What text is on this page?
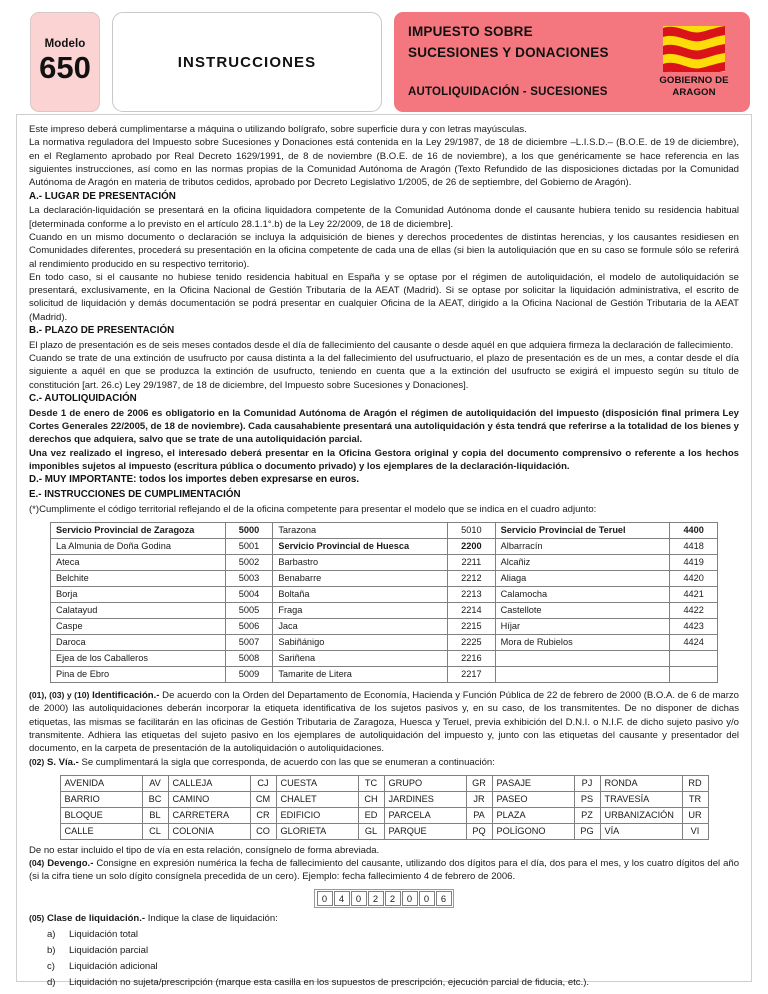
Modelo
650	INSTRUCCIONES
IMPUESTO SOBRE
SUCESIONES Y DONACIONES
AUTOLIQUIDACIÓN - SUCESIONES
GOBIERNO DE
ARAGON

Este impreso deberá cumplimentarse a máquina o utilizando bolígrafo, sobre superficie dura y con letras mayúsculas.

La normativa reguladora del Impuesto sobre Sucesiones y Donaciones está contenida en la Ley 29/1987, de 18 de diciembre –L.I.S.D.– (B.O.E. de 19 de diciembre), en el Reglamento aprobado por Real Decreto 1629/1991, de 8 de noviembre (B.O.E. de 16 de noviembre), a los que genéricamente se hace referencia en las siguientes instrucciones, así como en las normas propias de la Comunidad Autónoma de Aragón (Texto Refundido de las disposiciones dictadas por la Comunidad Autónoma de Aragón en materia de tributos cedidos, aprobado por Decreto Legislativo 1/2005, de 26 de septiembre, del Gobierno de Aragón).

A.- LUGAR DE PRESENTACIÓN

La declaración-liquidación se presentará en la oficina liquidadora competente de la Comunidad Autónoma donde el causante hubiera tenido su residencia habitual [determinada conforme a lo previsto en el artículo 28.1.1°.b) de la Ley 22/2009, de 18 de diciembre].

Cuando en un mismo documento o declaración se incluya la adquisición de bienes y derechos procedentes de distintas herencias, y los causantes residiesen en Comunidades diferentes, procederá su presentación en la oficina competente de cada una de ellas (si bien la autoliquiación que en su caso se formule sólo se referirá al rendimiento producido en su respectivo territorio).

En todo caso, si el causante no hubiese tenido residencia habitual en España y se optase por el régimen de autoliquidación, el modelo de autoliquidación se presentará, exclusivamente, en la Oficina Nacional de Gestión Tributaria de la AEAT (Madrid). Si se optase por solicitar la liquidación administrativa, el escrito de solicitud de liquidación y demás documentación se podrá presentar en cualquier Oficina de la AEAT, dirigido a la Oficina Nacional de Gestión Tributaria de la AEAT (Madrid).

B.- PLAZO DE PRESENTACIÓN

El plazo de presentación es de seis meses contados desde el día de fallecimiento del causante o desde aquél en que adquiera firmeza la declaración de fallecimiento.

Cuando se trate de una extinción de usufructo por causa distinta a la del fallecimiento del usufructuario, el plazo de presentación es de un mes, a contar desde el día siguiente a aquél en que se produzca la extinción de usufructo, teniendo en cuenta que a la extinción del usufructo se exigirá el impuesto según su título de constitución [art. 26.c) Ley 29/1987, de 18 de diciembre, del Impuesto sobre Sucesiones y Donaciones].

C.- AUTOLIQUIDACIÓN

Desde 1 de enero de 2006 es obligatorio en la Comunidad Autónoma de Aragón el régimen de autoliquidación del impuesto (disposición final primera Ley Cortes Generales 22/2005, de 18 de noviembre). Cada causahabiente presentará una autoliquidación y ésta tendrá que referirse a la totalidad de los bienes y derechos que adquiera, salvo que se trate de una autoliquidación parcial.

Una vez realizado el ingreso, el interesado deberá presentar en la Oficina Gestora original y copia del documento comprensivo o referente a los hechos imponibles sujetos al impuesto (escritura pública o documento privado) y los ejemplares de la declaración-liquidación.

D.- MUY IMPORTANTE: todos los importes deben expresarse en euros.

E.- INSTRUCCIONES DE CUMPLIMENTACIÓN

(*)Cumplimente el código territorial reflejando el de la oficina competente para presentar el modelo que se indica en el cuadro adjunto:

Servicio Provincial de Zaragoza	5000	Tarazona	5010	Servicio Provincial de Teruel	4400
La Almunia de Doña Godina	5001	Servicio Provincial de Huesca	2200	Albarracín	4418
Ateca	5002	Barbastro	2211	Alcañiz	4419
Belchite	5003	Benabarre	2212	Aliaga	4420
Borja	5004	Boltaña	2213	Calamocha	4421
Calatayud	5005	Fraga	2214	Castellote	4422
Caspe	5006	Jaca	2215	Híjar	4423
Daroca	5007	Sabiñánigo	2225	Mora de Rubielos	4424
Ejea de los Caballeros	5008	Sariñena	2216		
Pina de Ebro	5009	Tamarite de Litera	2217		

(01), (03) y (10) Identificación.- De acuerdo con la Orden del Departamento de Economía, Hacienda y Función Pública de 22 de febrero de 2000 (B.O.A. de 6 de marzo de 2000) las autoliquidaciones deberán incorporar la etiqueta identificativa de los sujetos pasivos y, en su caso, de los transmitentes. De no disponer de dichas etiquetas, las mismas se facilitarán en las oficinas de Gestión Tributaria de Zaragoza, Huesca y Teruel, previa exhibición del D.N.I. o N.I.F. de dicho sujeto pasivo y/o transmitente. Adhiera las etiquetas del sujeto pasivo en los ejemplares de autoliquidación del impuesto y, junto con las etiquetas del causante y presentador del documento, en la carpeta de presentación de la autoliquidación o autoliquidaciones.

(02) S. Vía.- Se cumplimentará la sigla que corresponda, de acuerdo con las que se enumeran a continuación:

AVENIDA	AV	CALLEJA	CJ	CUESTA	TC	GRUPO	GR	PASAJE	PJ	RONDA	RD
BARRIO	BC	CAMINO	CM	CHALET	CH	JARDINES	JR	PASEO	PS	TRAVESÍA	TR
BLOQUE	BL	CARRETERA	CR	EDIFICIO	ED	PARCELA	PA	PLAZA	PZ	URBANIZACIÓN	UR
CALLE	CL	COLONIA	CO	GLORIETA	GL	PARQUE	PQ	POLÍGONO	PG	VÍA	VI

De no estar incluido el tipo de vía en esta relación, consígnelo de forma abreviada.

(04) Devengo.- Consigne en expresión numérica la fecha de fallecimiento del causante, utilizando dos dígitos para el día, dos para el mes, y los cuatro dígitos del año (si la cifra tiene un solo dígito consígnela precedida de un cero). Ejemplo: fecha fallecimiento 4 de febrero de 2006.

0	4	0	2	2	0	0	6

(05) Clase de liquidación.- Indique la clase de liquidación:

a)	Liquidación total
b)	Liquidación parcial
c)	Liquidación adicional
d)	Liquidación no sujeta/prescripción (marque esta casilla en los supuestos de prescripción, ejecución parcial de fiducia, etc.).
